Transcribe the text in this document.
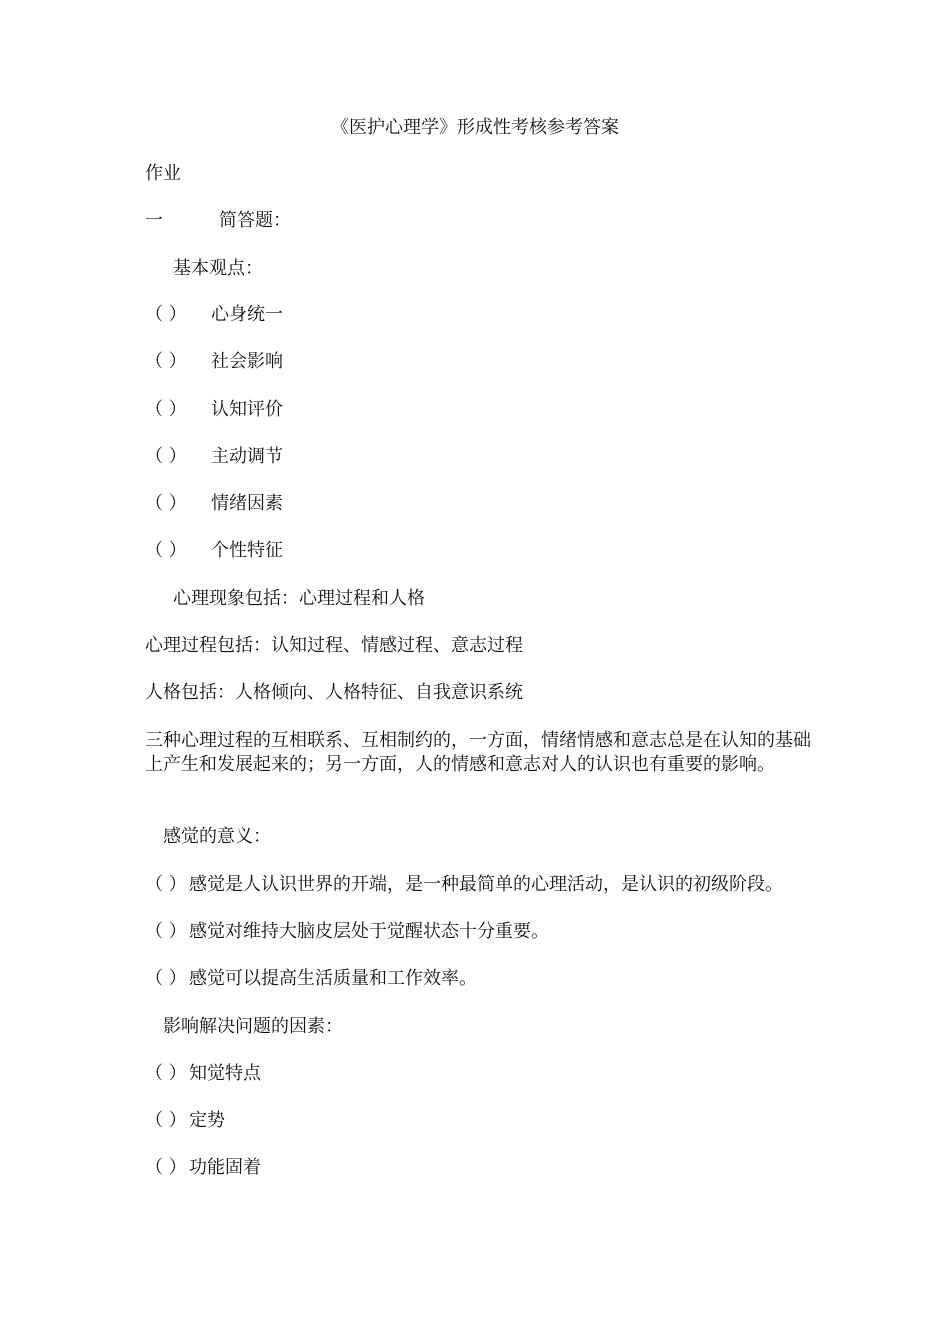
《医护心理学》形成性考核参考答案
作业
一	简答题：
基本观点：
（ ） 心身统一
（ ） 社会影响
（ ） 认知评价
（ ） 主动调节
（ ） 情绪因素
（ ） 个性特征
心理现象包括：心理过程和人格
心理过程包括：认知过程、情感过程、意志过程
人格包括：人格倾向、人格特征、自我意识系统
三种心理过程的互相联系、互相制约的，一方面，情绪情感和意志总是在认知的基础上产生和发展起来的；另一方面，人的情感和意志对人的认识也有重要的影响。
感觉的意义：
（ ） 感觉是人认识世界的开端，是一种最简单的心理活动，是认识的初级阶段。
（ ） 感觉对维持大脑皮层处于觉醒状态十分重要。
（ ） 感觉可以提高生活质量和工作效率。
影响解决问题的因素：
（ ） 知觉特点
（ ） 定势
（ ） 功能固着
